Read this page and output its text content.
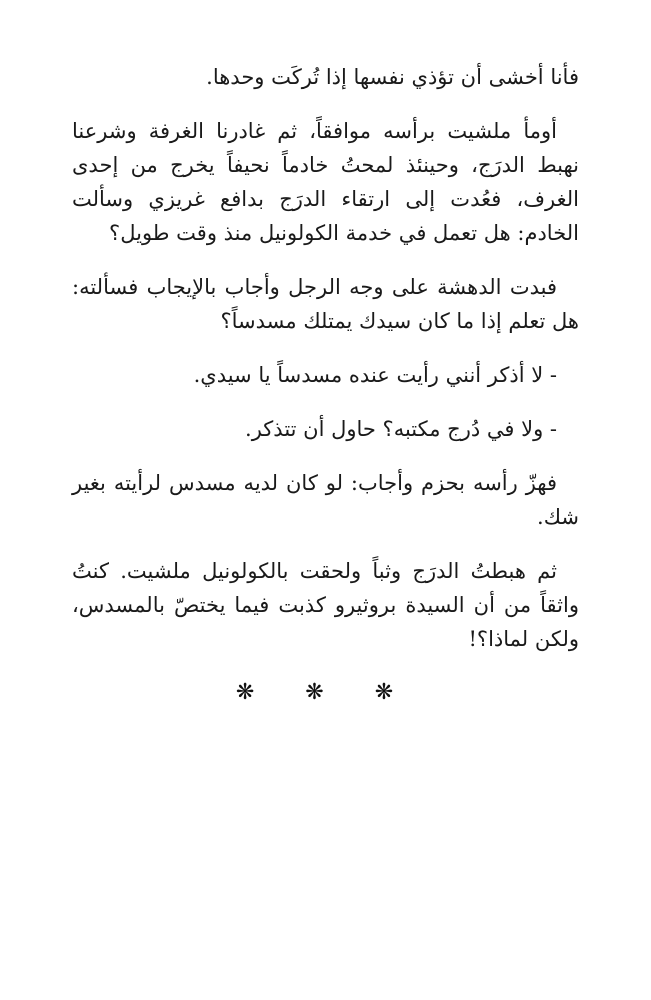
فأنا أخشى أن تؤذي نفسها إذا تُركَت وحدها.

أومأ ملشيت برأسه موافقاً، ثم غادرنا الغرفة وشرعنا نهبط الدرَج، وحينئذ لمحتُ خادماً نحيفاً يخرج من إحدى الغرف، فعُدت إلى ارتقاء الدرَج بدافع غريزي وسألت الخادم: هل تعمل في خدمة الكولونيل منذ وقت طويل؟

فبدت الدهشة على وجه الرجل وأجاب بالإيجاب فسألته: هل تعلم إذا ما كان سيدك يمتلك مسدساً؟

- لا أذكر أنني رأيت عنده مسدساً يا سيدي.

- ولا في دُرج مكتبه؟ حاول أن تتذكر.

فهزّ رأسه بحزم وأجاب: لو كان لديه مسدس لرأيته بغير شك.

ثم هبطتُ الدرَج وثباً ولحقت بالكولونيل ملشيت. كنتُ واثقاً من أن السيدة بروثيرو كذبت فيما يختصّ بالمسدس، ولكن لماذا؟!

❋ ❋ ❋
